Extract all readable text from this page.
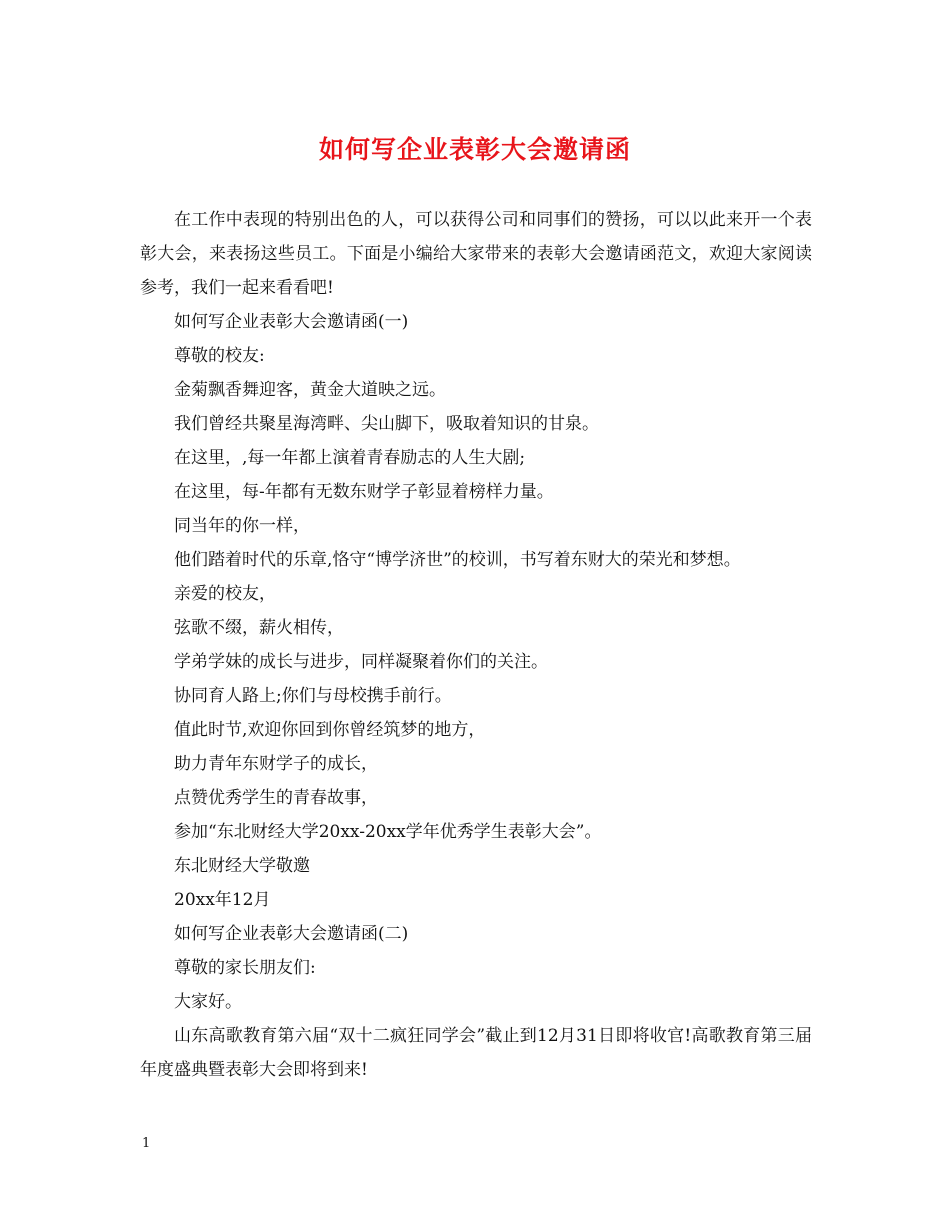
如何写企业表彰大会邀请函

在工作中表现的特别出色的人，可以获得公司和同事们的赞扬，可以以此来开一个表彰大会，来表扬这些员工。下面是小编给大家带来的表彰大会邀请函范文，欢迎大家阅读参考，我们一起来看看吧!

如何写企业表彰大会邀请函(一)

尊敬的校友:

金菊飘香舞迎客，黄金大道映之远。

我们曾经共聚星海湾畔、尖山脚下，吸取着知识的甘泉。

在这里，,每一年都上演着青春励志的人生大剧;

在这里，每-年都有无数东财学子彰显着榜样力量。

同当年的你一样，

他们踏着时代的乐章,恪守“博学济世”的校训，书写着东财大的荣光和梦想。

亲爱的校友，

弦歌不缀，薪火相传，

学弟学妹的成长与进步，同样凝聚着你们的关注。

协同育人路上;你们与母校携手前行。

值此时节,欢迎你回到你曾经筑梦的地方，

助力青年东财学子的成长，

点赞优秀学生的青春故事，

参加“东北财经大学20xx-20xx学年优秀学生表彰大会”。

东北财经大学敬邀

20xx年12月

如何写企业表彰大会邀请函(二)

尊敬的家长朋友们:

大家好。

山东高歌教育第六届“双十二疯狂同学会”截止到12月31日即将收官!高歌教育第三届年度盛典暨表彰大会即将到来!

1
